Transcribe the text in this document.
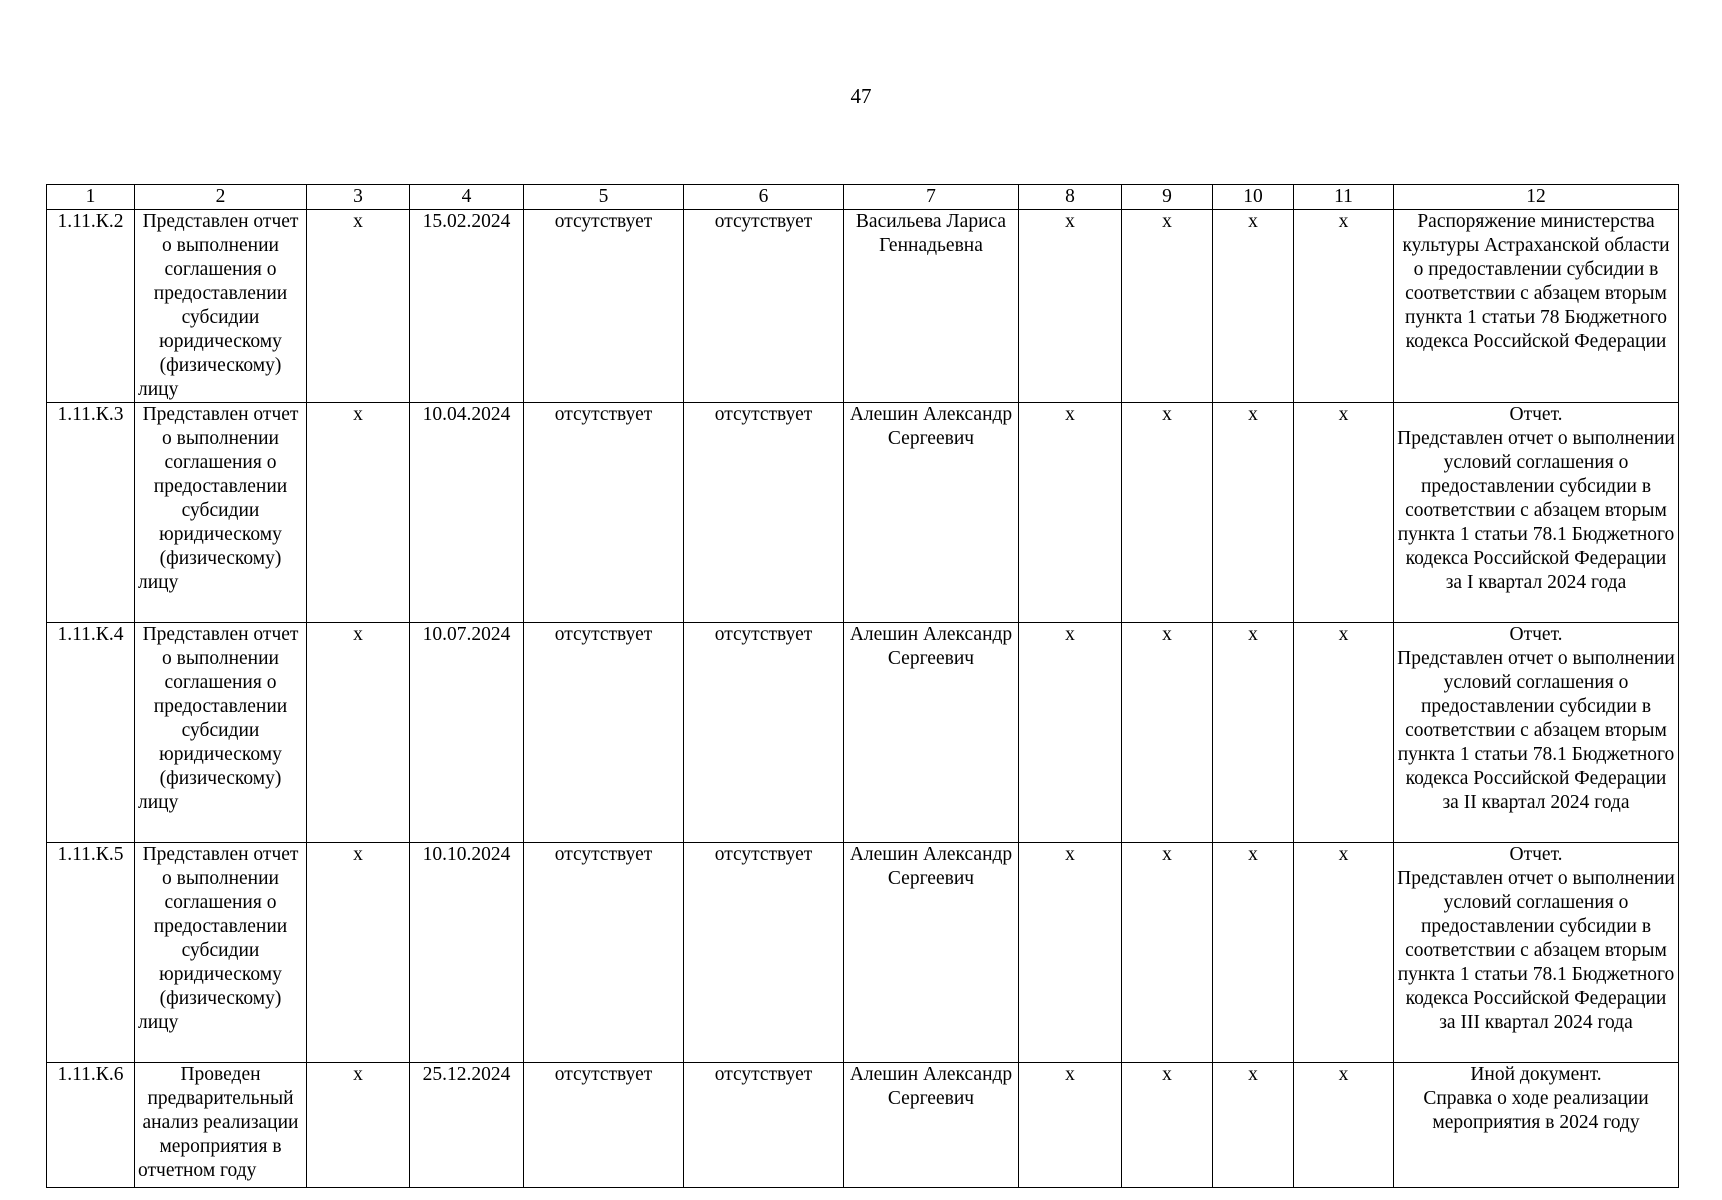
47
1	2	3	4	5	6	7	8	9	10	11	12
1.11.К.2	Представлен отчет о выполнении соглашения о предоставлении субсидии юридическому (физическому) лицу	x	15.02.2024	отсутствует	отсутствует	Васильева Лариса Геннадьевна	x	x	x	x	Распоряжение министерства культуры Астраханской области о предоставлении субсидии в соответствии с абзацем вторым пункта 1 статьи 78 Бюджетного кодекса Российской Федерации

1.11.К.3	Представлен отчет о выполнении соглашения о предоставлении субсидии юридическому (физическому) лицу	x	10.04.2024	отсутствует	отсутствует	Алешин Александр Сергеевич	x	x	x	x	Отчет.
Представлен отчет о выполнении условий соглашения о предоставлении субсидии в соответствии с абзацем вторым пункта 1 статьи 78.1 Бюджетного кодекса Российской Федерации за I квартал 2024 года

1.11.К.4	Представлен отчет о выполнении соглашения о предоставлении субсидии юридическому (физическому) лицу	x	10.07.2024	отсутствует	отсутствует	Алешин Александр Сергеевич	x	x	x	x	Отчет.
Представлен отчет о выполнении условий соглашения о предоставлении субсидии в соответствии с абзацем вторым пункта 1 статьи 78.1 Бюджетного кодекса Российской Федерации за II квартал 2024 года

1.11.К.5	Представлен отчет о выполнении соглашения о предоставлении субсидии юридическому (физическому) лицу	x	10.10.2024	отсутствует	отсутствует	Алешин Александр Сергеевич	x	x	x	x	Отчет.
Представлен отчет о выполнении условий соглашения о предоставлении субсидии в соответствии с абзацем вторым пункта 1 статьи 78.1 Бюджетного кодекса Российской Федерации за III квартал 2024 года

1.11.К.6	Проведен предварительный анализ реализации мероприятия в отчетном году	x	25.12.2024	отсутствует	отсутствует	Алешин Александр Сергеевич	x	x	x	x	Иной документ.
Справка о ходе реализации мероприятия в 2024 году
